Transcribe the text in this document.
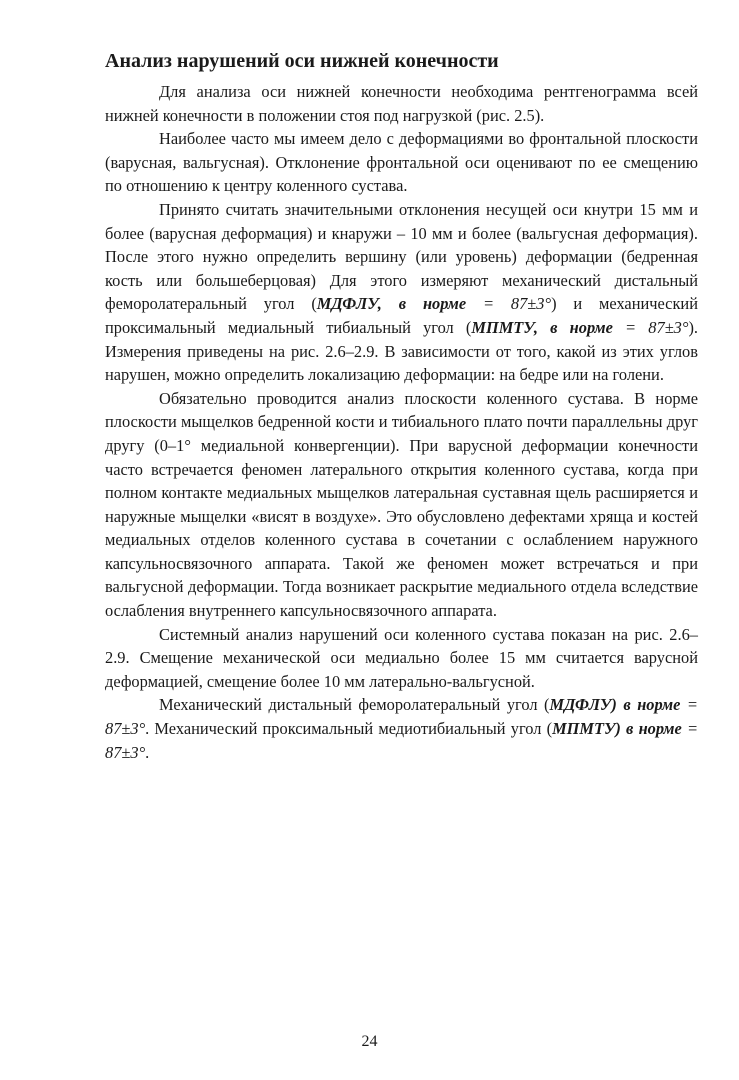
Анализ нарушений оси нижней конечности

Для анализа оси нижней конечности необходима рентгенограмма всей нижней конечности в положении стоя под нагрузкой (рис. 2.5).

Наиболее часто мы имеем дело с деформациями во фронтальной плоскости (варусная, вальгусная). Отклонение фронтальной оси оценивают по ее смещению по отношению к центру коленного сустава.

Принято считать значительными отклонения несущей оси кнутри 15 мм и более (варусная деформация) и кнаружи – 10 мм и более (вальгусная деформация). После этого нужно определить вершину (или уровень) деформации (бедренная кость или большеберцовая) Для этого измеряют механический дистальный феморолатеральный угол (МДФЛУ, в норме = 87±3°) и механический проксимальный медиальный тибиальный угол (МПМТУ, в норме = 87±3°). Измерения приведены на рис. 2.6–2.9. В зависимости от того, какой из этих углов нарушен, можно определить локализацию деформации: на бедре или на голени.

Обязательно проводится анализ плоскости коленного сустава. В норме плоскости мыщелков бедренной кости и тибиального плато почти параллельны друг другу (0–1° медиальной конвергенции). При варусной деформации конечности часто встречается феномен латерального открытия коленного сустава, когда при полном контакте медиальных мыщелков латеральная суставная щель расширяется и наружные мыщелки «висят в воздухе». Это обусловлено дефектами хряща и костей медиальных отделов коленного сустава в сочетании с ослаблением наружного капсульносвязочного аппарата. Такой же феномен может встречаться и при вальгусной деформации. Тогда возникает раскрытие медиального отдела вследствие ослабления внутреннего капсульносвязочного аппарата.

Системный анализ нарушений оси коленного сустава показан на рис. 2.6–2.9. Смещение механической оси медиально более 15 мм считается варусной деформацией, смещение более 10 мм латерально-вальгусной.

Механический дистальный феморолатеральный угол (МДФЛУ) в норме = 87±3°. Механический проксимальный медиотибиальный угол (МПМТУ) в норме = 87±3°.

24
